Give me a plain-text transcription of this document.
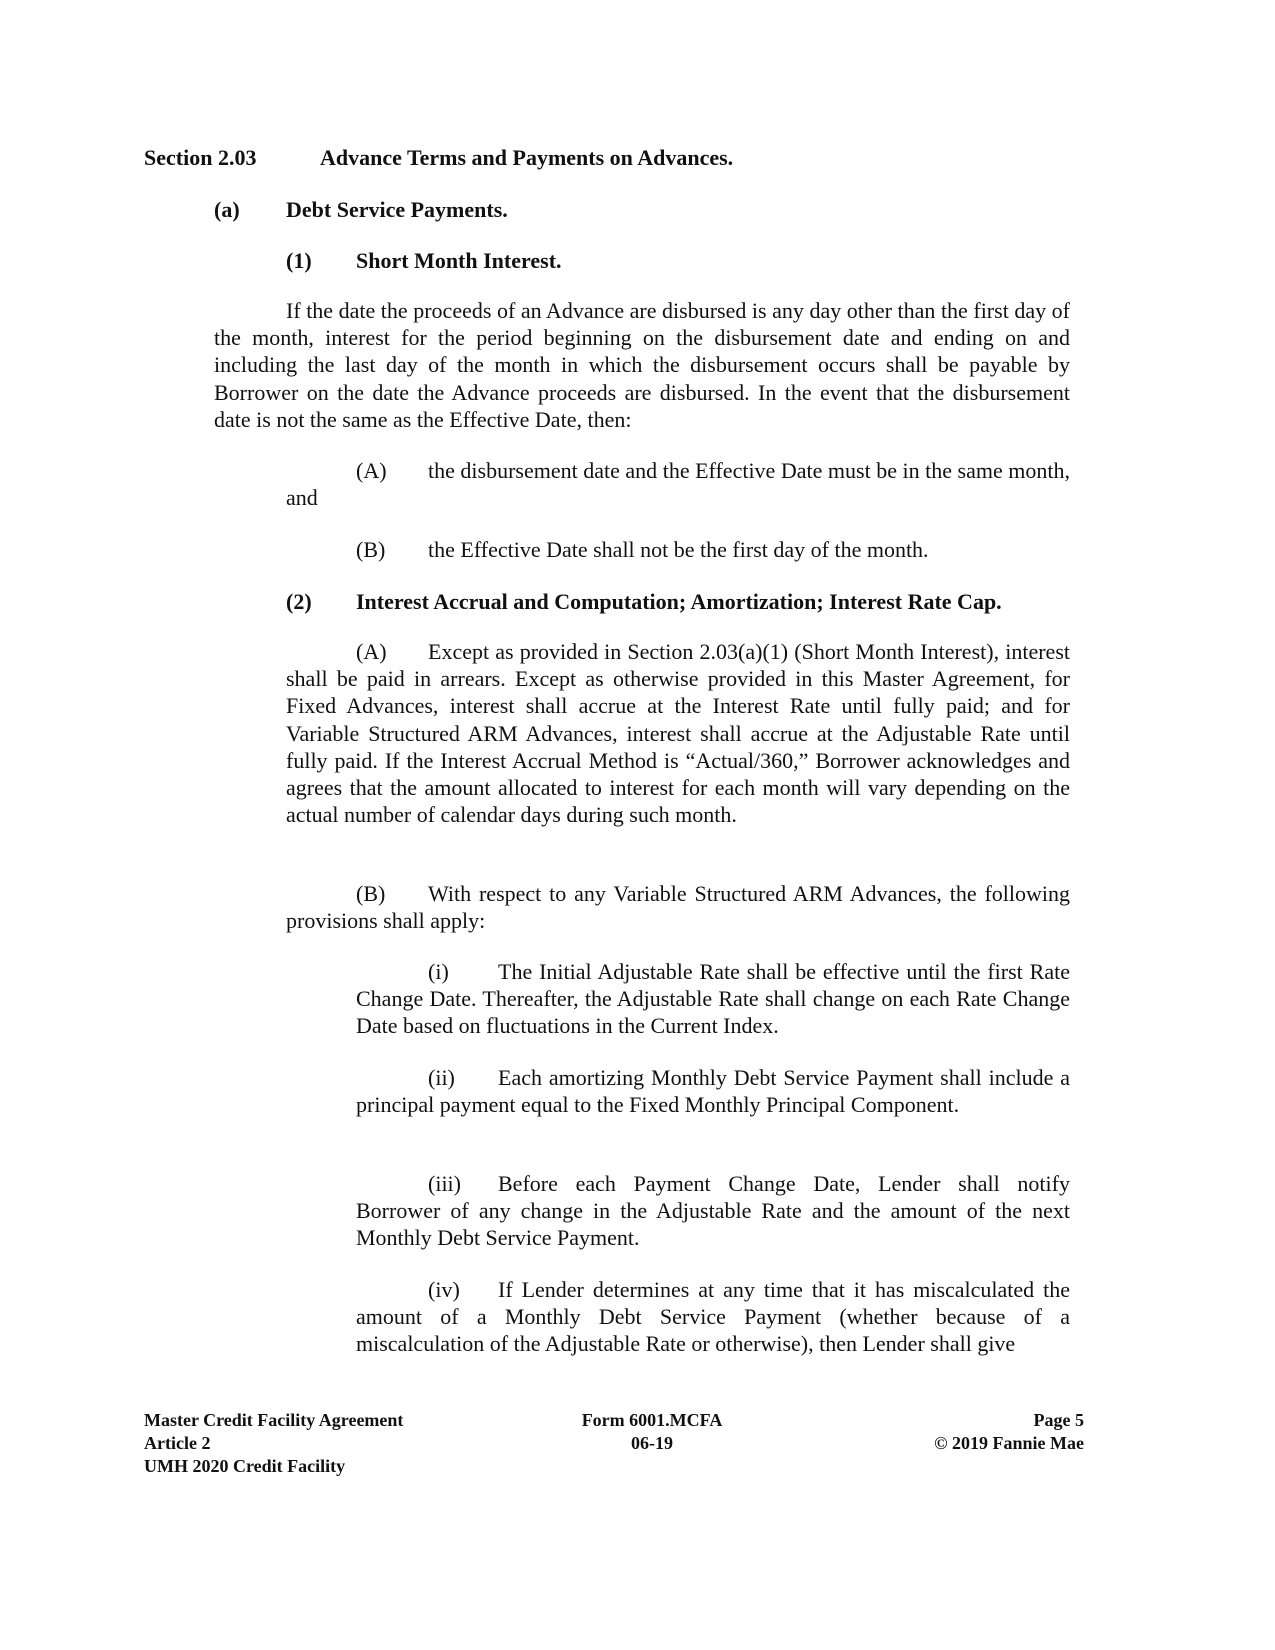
Section 2.03	Advance Terms and Payments on Advances.
(a) Debt Service Payments.
(1) Short Month Interest.

If the date the proceeds of an Advance are disbursed is any day other than the first day of the month, interest for the period beginning on the disbursement date and ending on and including the last day of the month in which the disbursement occurs shall be payable by Borrower on the date the Advance proceeds are disbursed. In the event that the disbursement date is not the same as the Effective Date, then:

(A) the disbursement date and the Effective Date must be in the same month, and

(B) the Effective Date shall not be the first day of the month.
(2) Interest Accrual and Computation; Amortization; Interest Rate Cap.

(A) Except as provided in Section 2.03(a)(1) (Short Month Interest), interest shall be paid in arrears. Except as otherwise provided in this Master Agreement, for Fixed Advances, interest shall accrue at the Interest Rate until fully paid; and for Variable Structured ARM Advances, interest shall accrue at the Adjustable Rate until fully paid. If the Interest Accrual Method is “Actual/360,” Borrower acknowledges and agrees that the amount allocated to interest for each month will vary depending on the actual number of calendar days during such month.

(B) With respect to any Variable Structured ARM Advances, the following provisions shall apply:

(i) The Initial Adjustable Rate shall be effective until the first Rate Change Date. Thereafter, the Adjustable Rate shall change on each Rate Change Date based on fluctuations in the Current Index.

(ii) Each amortizing Monthly Debt Service Payment shall include a principal payment equal to the Fixed Monthly Principal Component.

(iii) Before each Payment Change Date, Lender shall notify Borrower of any change in the Adjustable Rate and the amount of the next Monthly Debt Service Payment.

(iv) If Lender determines at any time that it has miscalculated the amount of a Monthly Debt Service Payment (whether because of a miscalculation of the Adjustable Rate or otherwise), then Lender shall give

Master Credit Facility Agreement
Article 2
UMH 2020 Credit Facility
Form 6001.MCFA
06-19
Page 5
© 2019 Fannie Mae
